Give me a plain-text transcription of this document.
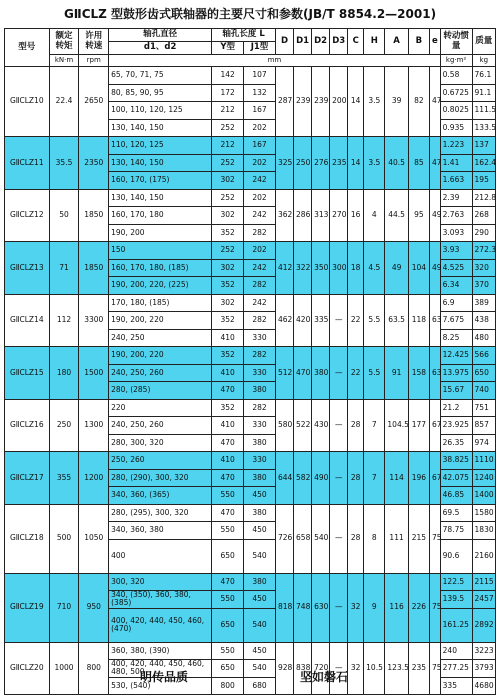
GⅡCLZ 型鼓形齿式联轴器的主要尺寸和参数(JB/T 8854.2—2001)
型号	额定转矩	许用转速	轴孔直径	轴孔长度 L		D	D1	D2	D3	C	H	A	B	e	转动惯量	质量
			d1、d2	Y型	J1型											
	kN·m	rpm	mm												kg·m²	kg
GⅡCLZ10	22.4	2650	65, 70, 71, 75	142	107	287	239	239	200	14	3.5	39	82	47	0.58	76.1
			80, 85, 90, 95	172	132										0.6725	91.1
			100, 110, 120, 125	212	167										0.8025	111.5
			130, 140, 150	252	202										0.935	133.5
GⅡCLZ11	35.5	2350	110, 120, 125	212	167	325	250	276	235	14	3.5	40.5	85	47	1.223	137
			130, 140, 150	252	202										1.41	162.4
			160, 170, (175)	302	242										1.663	195
GⅡCLZ12	50	1850	130, 140, 150	252	202	362	286	313	270	16	4	44.5	95	49	2.39	212.8
			160, 170, 180	302	242										2.763	268
			190, 200	352	282										3.093	290
GⅡCLZ13	71	1850	150	252	202	412	322	350	300	18	4.5	49	104	49	3.93	272.3
			160, 170, 180, (185)	302	242										4.525	320
			190, 200, 220, (225)	352	282										6.34	370
GⅡCLZ14	112	3300	170, 180, (185)	302	242	462	420	335	—	22	5.5	63.5	118	63	6.9	389
			190, 200, 220	352	282										7.675	438
			240, 250	410	330										8.25	480
GⅡCLZ15	180	1500	190, 200, 220	352	282	512	470	380	—	22	5.5	91	158	63	12.425	566
			240, 250, 260	410	330										13.975	650
			280, (285)	470	380										15.67	740
GⅡCLZ16	250	1300	220	352	282	580	522	430	—	28	7	104.5	177	67	21.2	751
			240, 250, 260	410	330										23.925	857
			280, 300, 320	470	380										26.35	974
GⅡCLZ17	355	1200	250, 260	410	330	644	582	490	—	28	7	114	196	67	38.825	1110
			280, (290), 300, 320	470	380										42.075	1240
			340, 360, (365)	550	450										46.85	1400
GⅡCLZ18	500	1050	280, (295), 300, 320	470	380	726	658	540	—	28	8	111	215	75	69.5	1580
			340, 360, 380	550	450										78.75	1830
			400	650	540										90.6	2160
GⅡCLZ19	710	950	300, 320	470	380	818	748	630	—	32	9	116	226	75	122.5	2115
			340, (350), 360, 380, (385)	550	450										139.5	2457
			400, 420, 440, 450, 460, (470)	650	540										161.25	2892
GⅡCLZ20	1000	800	360, 380, (390)	550	450	928	838	720	—	32	10.5	123.5	235	75	240	3223
			400, 420, 440, 450, 460, 480, 500	650	540										277.25	3793
			530, (540)	800	680										335	4680
明传品质	坚如磐石
